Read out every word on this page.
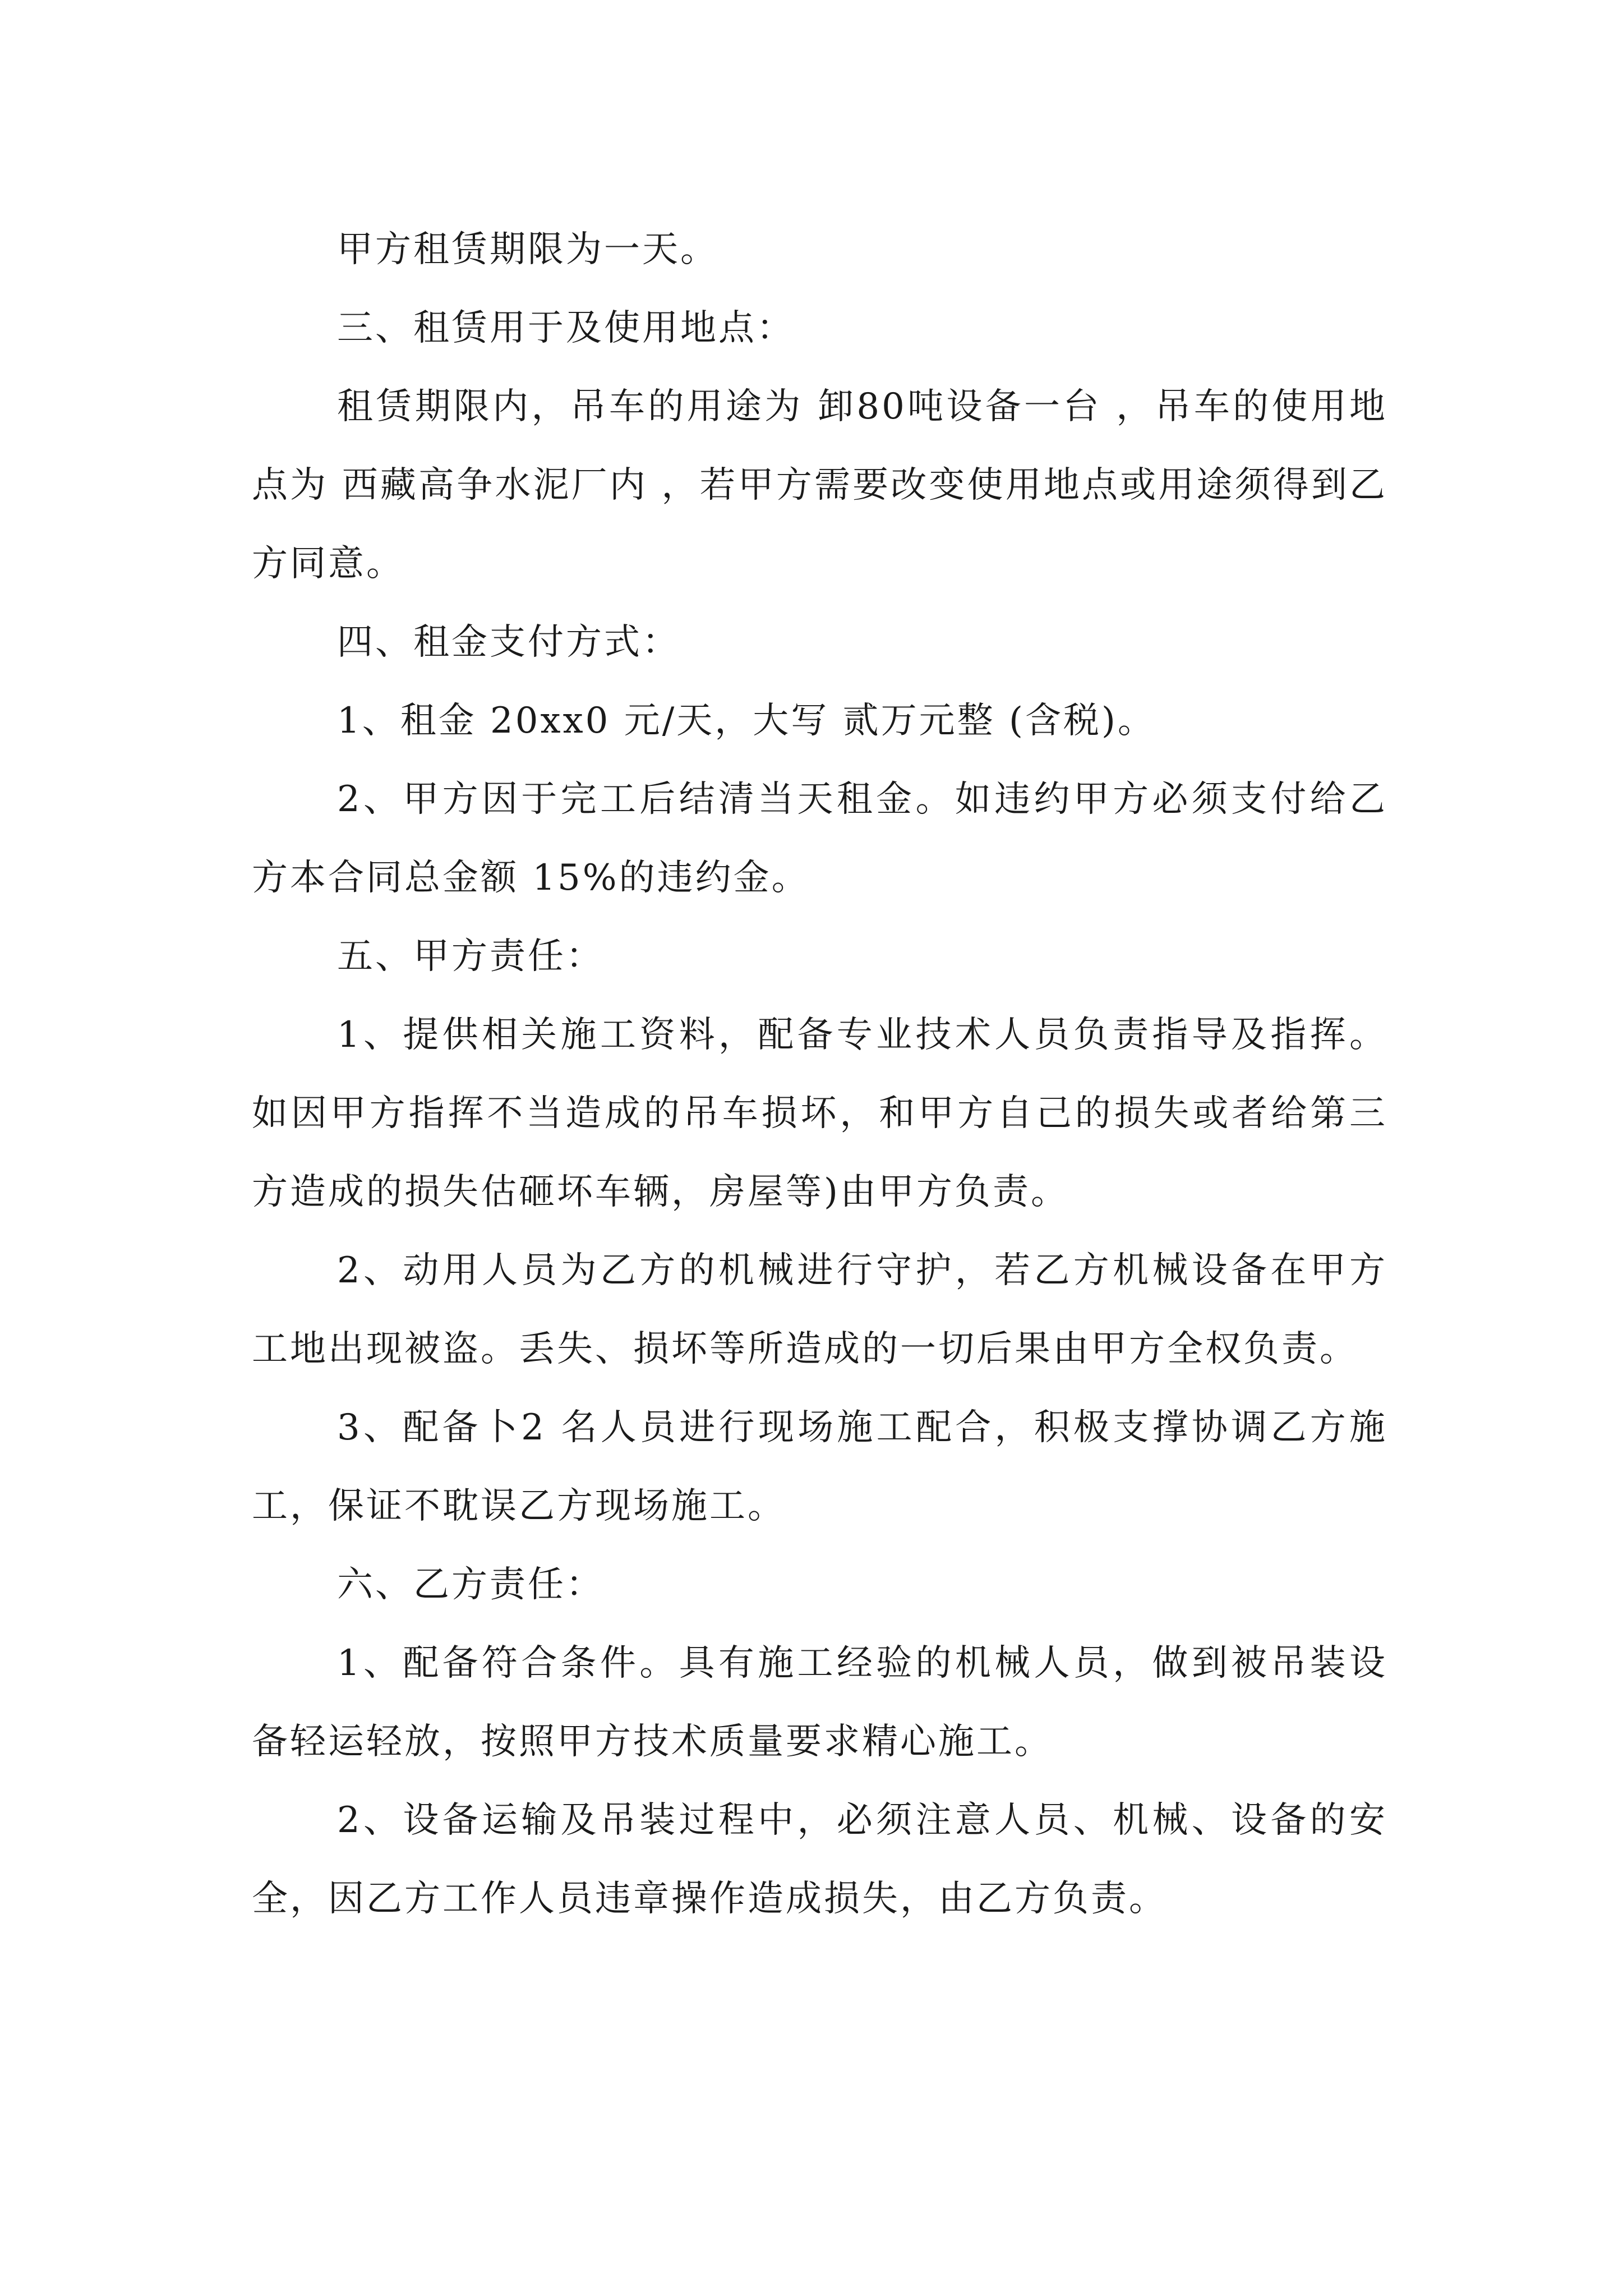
甲方租赁期限为一天。

三、租赁用于及使用地点：

租赁期限内，吊车的用途为 卸80吨设备一台 ，吊车的使用地点为 西藏高争水泥厂内 ，若甲方需要改变使用地点或用途须得到乙方同意。

四、租金支付方式：

1、租金 20xx0 元/天，大写 贰万元整 (含税)。

2、甲方因于完工后结清当天租金。如违约甲方必须支付给乙方本合同总金额 15%的违约金。

五、甲方责任：

1、提供相关施工资料，配备专业技术人员负责指导及指挥。如因甲方指挥不当造成的吊车损坏，和甲方自己的损失或者给第三方造成的损失估砸坏车辆，房屋等)由甲方负责。

2、动用人员为乙方的机械进行守护，若乙方机械设备在甲方工地出现被盗。丢失、损坏等所造成的一切后果由甲方全权负责。

3、配备卜2 名人员进行现场施工配合，积极支撑协调乙方施工，保证不耽误乙方现场施工。

六、乙方责任：

1、配备符合条件。具有施工经验的机械人员，做到被吊装设备轻运轻放，按照甲方技术质量要求精心施工。

2、设备运输及吊装过程中，必须注意人员、机械、设备的安全，因乙方工作人员违章操作造成损失，由乙方负责。
